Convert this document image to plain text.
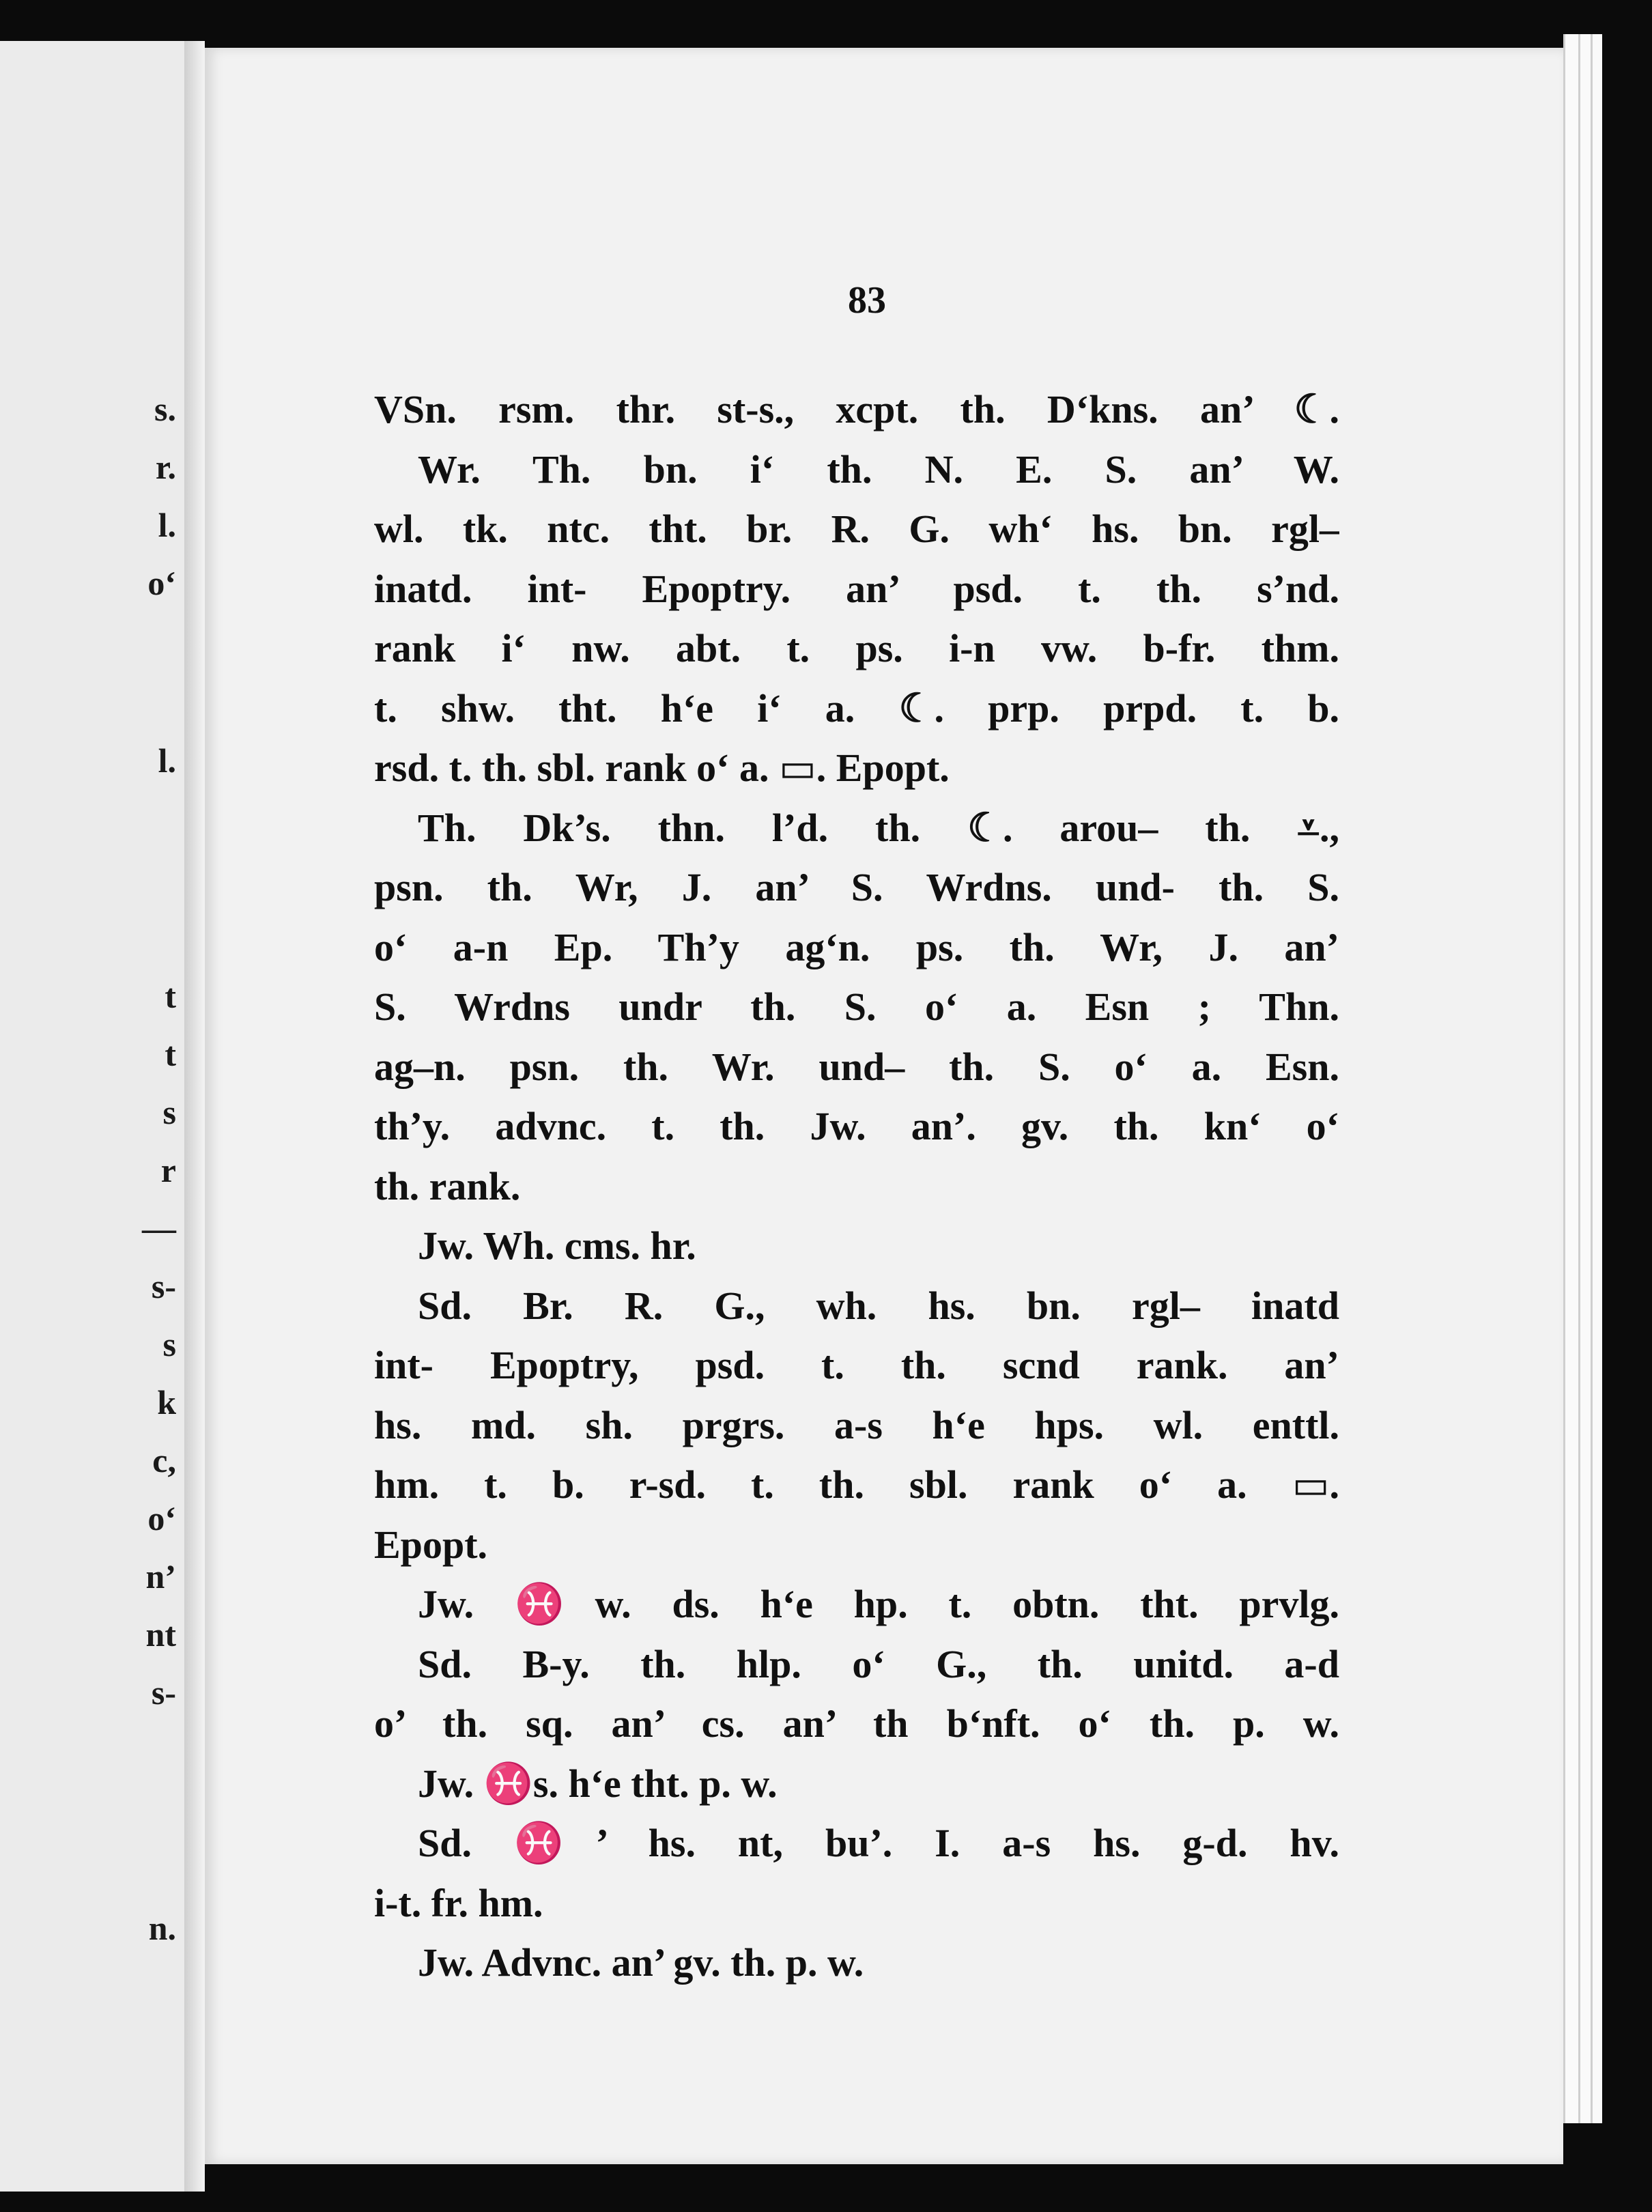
83
VSn. rsm. thr. st-s., xcpt. th. D‘kns. an’ ☾.
Wr. Th. bn. i‘ th. N. E. S. an’ W.
wl. tk. ntc. tht. br. R. G. wh‘ hs. bn. rgl–
inatd. int- Epoptry. an’ psd. t. th. s’nd.
rank i‘ nw. abt. t. ps. i-n vw. b-fr. thm.
t. shw. tht. h‘e i‘ a. ☾. prp. prpd. t. b.
rsd. t. th. sbl. rank o‘ a. ▭. Epopt.
Th. Dk’s. thn. l’d. th. ☾. arou– th. ⩡.,
psn. th. Wr, J. an’ S. Wrdns. und- th. S.
o‘ a-n Ep. Th’y ag‘n. ps. th. Wr, J. an’
S. Wrdns undr th. S. o‘ a. Esn ; Thn.
ag–n. psn. th. Wr. und– th. S. o‘ a. Esn.
th’y. advnc. t. th. Jw. an’. gv. th. kn‘ o‘
th. rank.
Jw. Wh. cms. hr.
Sd. Br. R. G., wh. hs. bn. rgl– inatd
int- Epoptry, psd. t. th. scnd rank. an’
hs. md. sh. prgrs. a-s h‘e hps. wl. enttl.
hm. t. b. r-sd. t. th. sbl. rank o‘ a. ▭.
Epopt.
Jw. ♓w. ds. h‘e hp. t. obtn. tht. prvlg.
Sd. B-y. th. hlp. o‘ G., th. unitd. a-d
o’ th. sq. an’ cs. an’ th b‘nft. o‘ th. p. w.
Jw. ♓s. h‘e tht. p. w.
Sd. ♓’ hs. nt, bu’. I. a-s hs. g-d. hv.
i-t. fr. hm.
Jw. Advnc. an’ gv. th. p. w.
s.
r.
l.
o‘
l.
t
t
s
r
—
s-
s
k
c,
o‘
n’
nt
s-
n.
